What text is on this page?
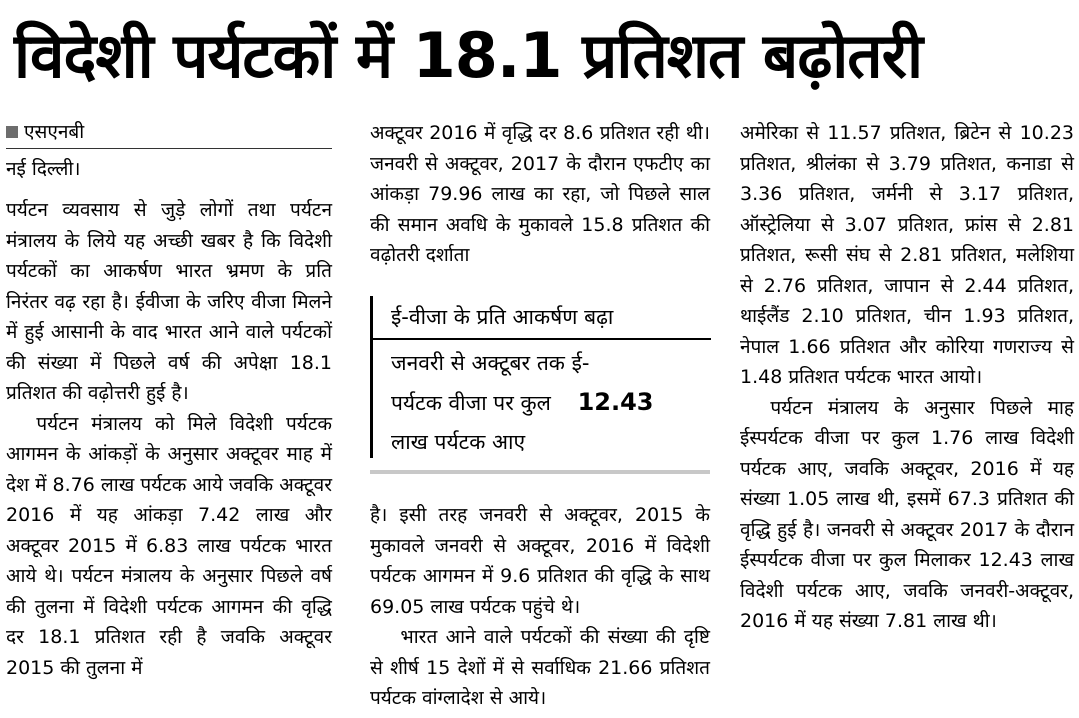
विदेशी पर्यटकों में 18.1 प्रतिशत बढ़ोतरी
एसएनबी
नई दिल्ली।

पर्यटन व्यवसाय से जुड़े लोगों तथा पर्यटन मंत्रालय के लिये यह अच्छी खबर है कि विदेशी पर्यटकों का आकर्षण भारत भ्रमण के प्रति निरंतर वढ़ रहा है। ईवीजा के जरिए वीजा मिलने में हुई आसानी के वाद भारत आने वाले पर्यटकों की संख्या में पिछले वर्ष की अपेक्षा 18.1 प्रतिशत की वढ़ोत्तरी हुई है।

पर्यटन मंत्रालय को मिले विदेशी पर्यटक आगमन के आंकड़ों के अनुसार अक्टूवर माह में देश में 8.76 लाख पर्यटक आये जवकि अक्टूवर 2016 में यह आंकड़ा 7.42 लाख और अक्टूवर 2015 में 6.83 लाख पर्यटक भारत आये थे। पर्यटन मंत्रालय के अनुसार पिछले वर्ष की तुलना में विदेशी पर्यटक आगमन की वृद्धि दर 18.1 प्रतिशत रही है जवकि अक्टूवर 2015 की तुलना में

अक्टूवर 2016 में वृद्धि दर 8.6 प्रतिशत रही थी। जनवरी से अक्टूवर, 2017 के दौरान एफटीए का आंकड़ा 79.96 लाख का रहा, जो पिछले साल की समान अवधि के मुकावले 15.8 प्रतिशत की वढ़ोतरी दर्शाता

ई-वीजा के प्रति आकर्षण बढ़ा
जनवरी से अक्टूबर तक ई-
पर्यटक वीजा पर कुल 12.43
लाख पर्यटक आए

है। इसी तरह जनवरी से अक्टूवर, 2015 के मुकावले जनवरी से अक्टूवर, 2016 में विदेशी पर्यटक आगमन में 9.6 प्रतिशत की वृद्धि के साथ 69.05 लाख पर्यटक पहुंचे थे।

भारत आने वाले पर्यटकों की संख्या की दृष्टि से शीर्ष 15 देशों में से सर्वाधिक 21.66 प्रतिशत पर्यटक वांग्लादेश से आये।

अमेरिका से 11.57 प्रतिशत, ब्रिटेन से 10.23 प्रतिशत, श्रीलंका से 3.79 प्रतिशत, कनाडा से 3.36 प्रतिशत, जर्मनी से 3.17 प्रतिशत, ऑस्ट्रेलिया से 3.07 प्रतिशत, फ्रांस से 2.81 प्रतिशत, रूसी संघ से 2.81 प्रतिशत, मलेशिया से 2.76 प्रतिशत, जापान से 2.44 प्रतिशत, थाईलैंड 2.10 प्रतिशत, चीन 1.93 प्रतिशत, नेपाल 1.66 प्रतिशत और कोरिया गणराज्य से 1.48 प्रतिशत पर्यटक भारत आयो।

पर्यटन मंत्रालय के अनुसार पिछले माह ईस्पर्यटक वीजा पर कुल 1.76 लाख विदेशी पर्यटक आए, जवकि अक्टूवर, 2016 में यह संख्या 1.05 लाख थी, इसमें 67.3 प्रतिशत की वृद्धि हुई है। जनवरी से अक्टूवर 2017 के दौरान ईस्पर्यटक वीजा पर कुल मिलाकर 12.43 लाख विदेशी पर्यटक आए, जवकि जनवरी-अक्टूवर, 2016 में यह संख्या 7.81 लाख थी।
